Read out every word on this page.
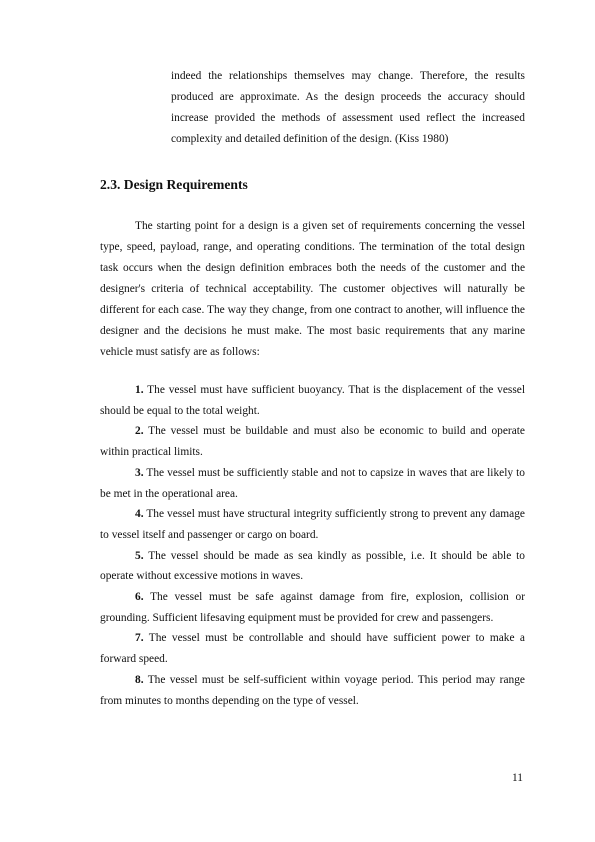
indeed the relationships themselves may change. Therefore, the results produced are approximate. As the design proceeds the accuracy should increase provided the methods of assessment used reflect the increased complexity and detailed definition of the design. (Kiss 1980)
2.3. Design Requirements

The starting point for a design is a given set of requirements concerning the vessel type, speed, payload, range, and operating conditions. The termination of the total design task occurs when the design definition embraces both the needs of the customer and the designer's criteria of technical acceptability. The customer objectives will naturally be different for each case. The way they change, from one contract to another, will influence the designer and the decisions he must make. The most basic requirements that any marine vehicle must satisfy are as follows:

1. The vessel must have sufficient buoyancy. That is the displacement of the vessel should be equal to the total weight.

2. The vessel must be buildable and must also be economic to build and operate within practical limits.

3. The vessel must be sufficiently stable and not to capsize in waves that are likely to be met in the operational area.

4. The vessel must have structural integrity sufficiently strong to prevent any damage to vessel itself and passenger or cargo on board.

5. The vessel should be made as sea kindly as possible, i.e. It should be able to operate without excessive motions in waves.

6. The vessel must be safe against damage from fire, explosion, collision or grounding. Sufficient lifesaving equipment must be provided for crew and passengers.

7. The vessel must be controllable and should have sufficient power to make a forward speed.

8. The vessel must be self-sufficient within voyage period. This period may range from minutes to months depending on the type of vessel.

11
